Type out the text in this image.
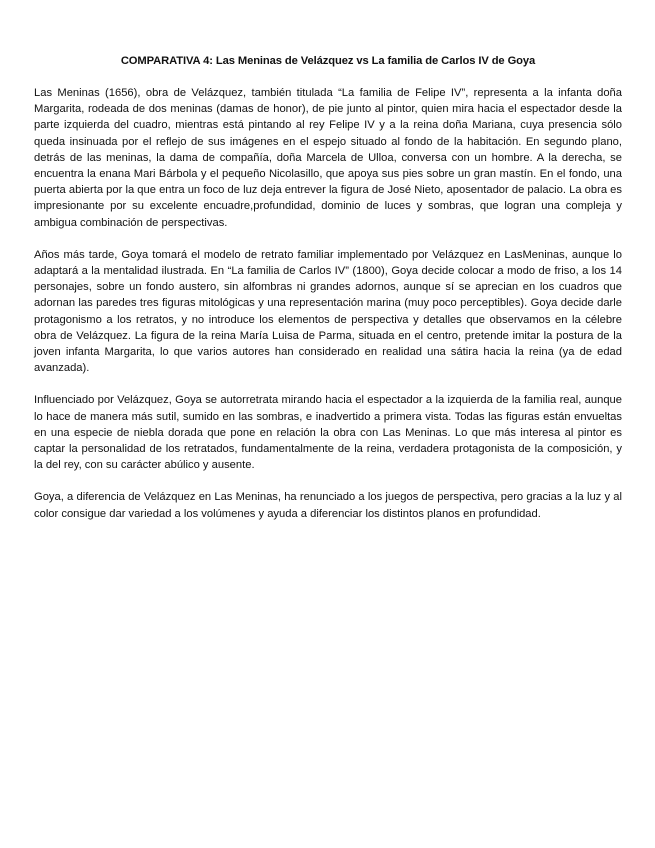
COMPARATIVA 4: Las Meninas de Velázquez vs La familia de Carlos IV de Goya

Las Meninas (1656), obra de Velázquez, también titulada “La familia de Felipe IV”, representa a la infanta doña Margarita, rodeada de dos meninas (damas de honor), de pie junto al pintor, quien mira hacia el espectador desde la parte izquierda del cuadro, mientras está pintando al rey Felipe IV y a la reina doña Mariana, cuya presencia sólo queda insinuada por el reflejo de sus imágenes en el espejo situado al fondo de la habitación. En segundo plano, detrás de las meninas, la dama de compañía, doña Marcela de Ulloa, conversa con un hombre. A la derecha, se encuentra la enana Mari Bárbola y el pequeño Nicolasillo, que apoya sus pies sobre un gran mastín. En el fondo, una puerta abierta por la que entra un foco de luz deja entrever la figura de José Nieto, aposentador de palacio. La obra es impresionante por su excelente encuadre,profundidad, dominio de luces y sombras, que logran una compleja y ambigua combinación de perspectivas.

Años más tarde, Goya tomará el modelo de retrato familiar implementado por Velázquez en LasMeninas, aunque lo adaptará a la mentalidad ilustrada. En “La familia de Carlos IV” (1800), Goya decide colocar a modo de friso, a los 14 personajes, sobre un fondo austero, sin alfombras ni grandes adornos, aunque sí se aprecian en los cuadros que adornan las paredes tres figuras mitológicas y una representación marina (muy poco perceptibles). Goya decide darle protagonismo a los retratos, y no introduce los elementos de perspectiva y detalles que observamos en la célebre obra de Velázquez. La figura de la reina María Luisa de Parma, situada en el centro, pretende imitar la postura de la joven infanta Margarita, lo que varios autores han considerado en realidad una sátira hacia la reina (ya de edad avanzada).

Influenciado por Velázquez, Goya se autorretrata mirando hacia el espectador a la izquierda de la familia real, aunque lo hace de manera más sutil, sumido en las sombras, e inadvertido a primera vista. Todas las figuras están envueltas en una especie de niebla dorada que pone en relación la obra con Las Meninas. Lo que más interesa al pintor es captar la personalidad de los retratados, fundamentalmente de la reina, verdadera protagonista de la composición, y la del rey, con su carácter abúlico y ausente.

Goya, a diferencia de Velázquez en Las Meninas, ha renunciado a los juegos de perspectiva, pero gracias a la luz y al color consigue dar variedad a los volúmenes y ayuda a diferenciar los distintos planos en profundidad.
